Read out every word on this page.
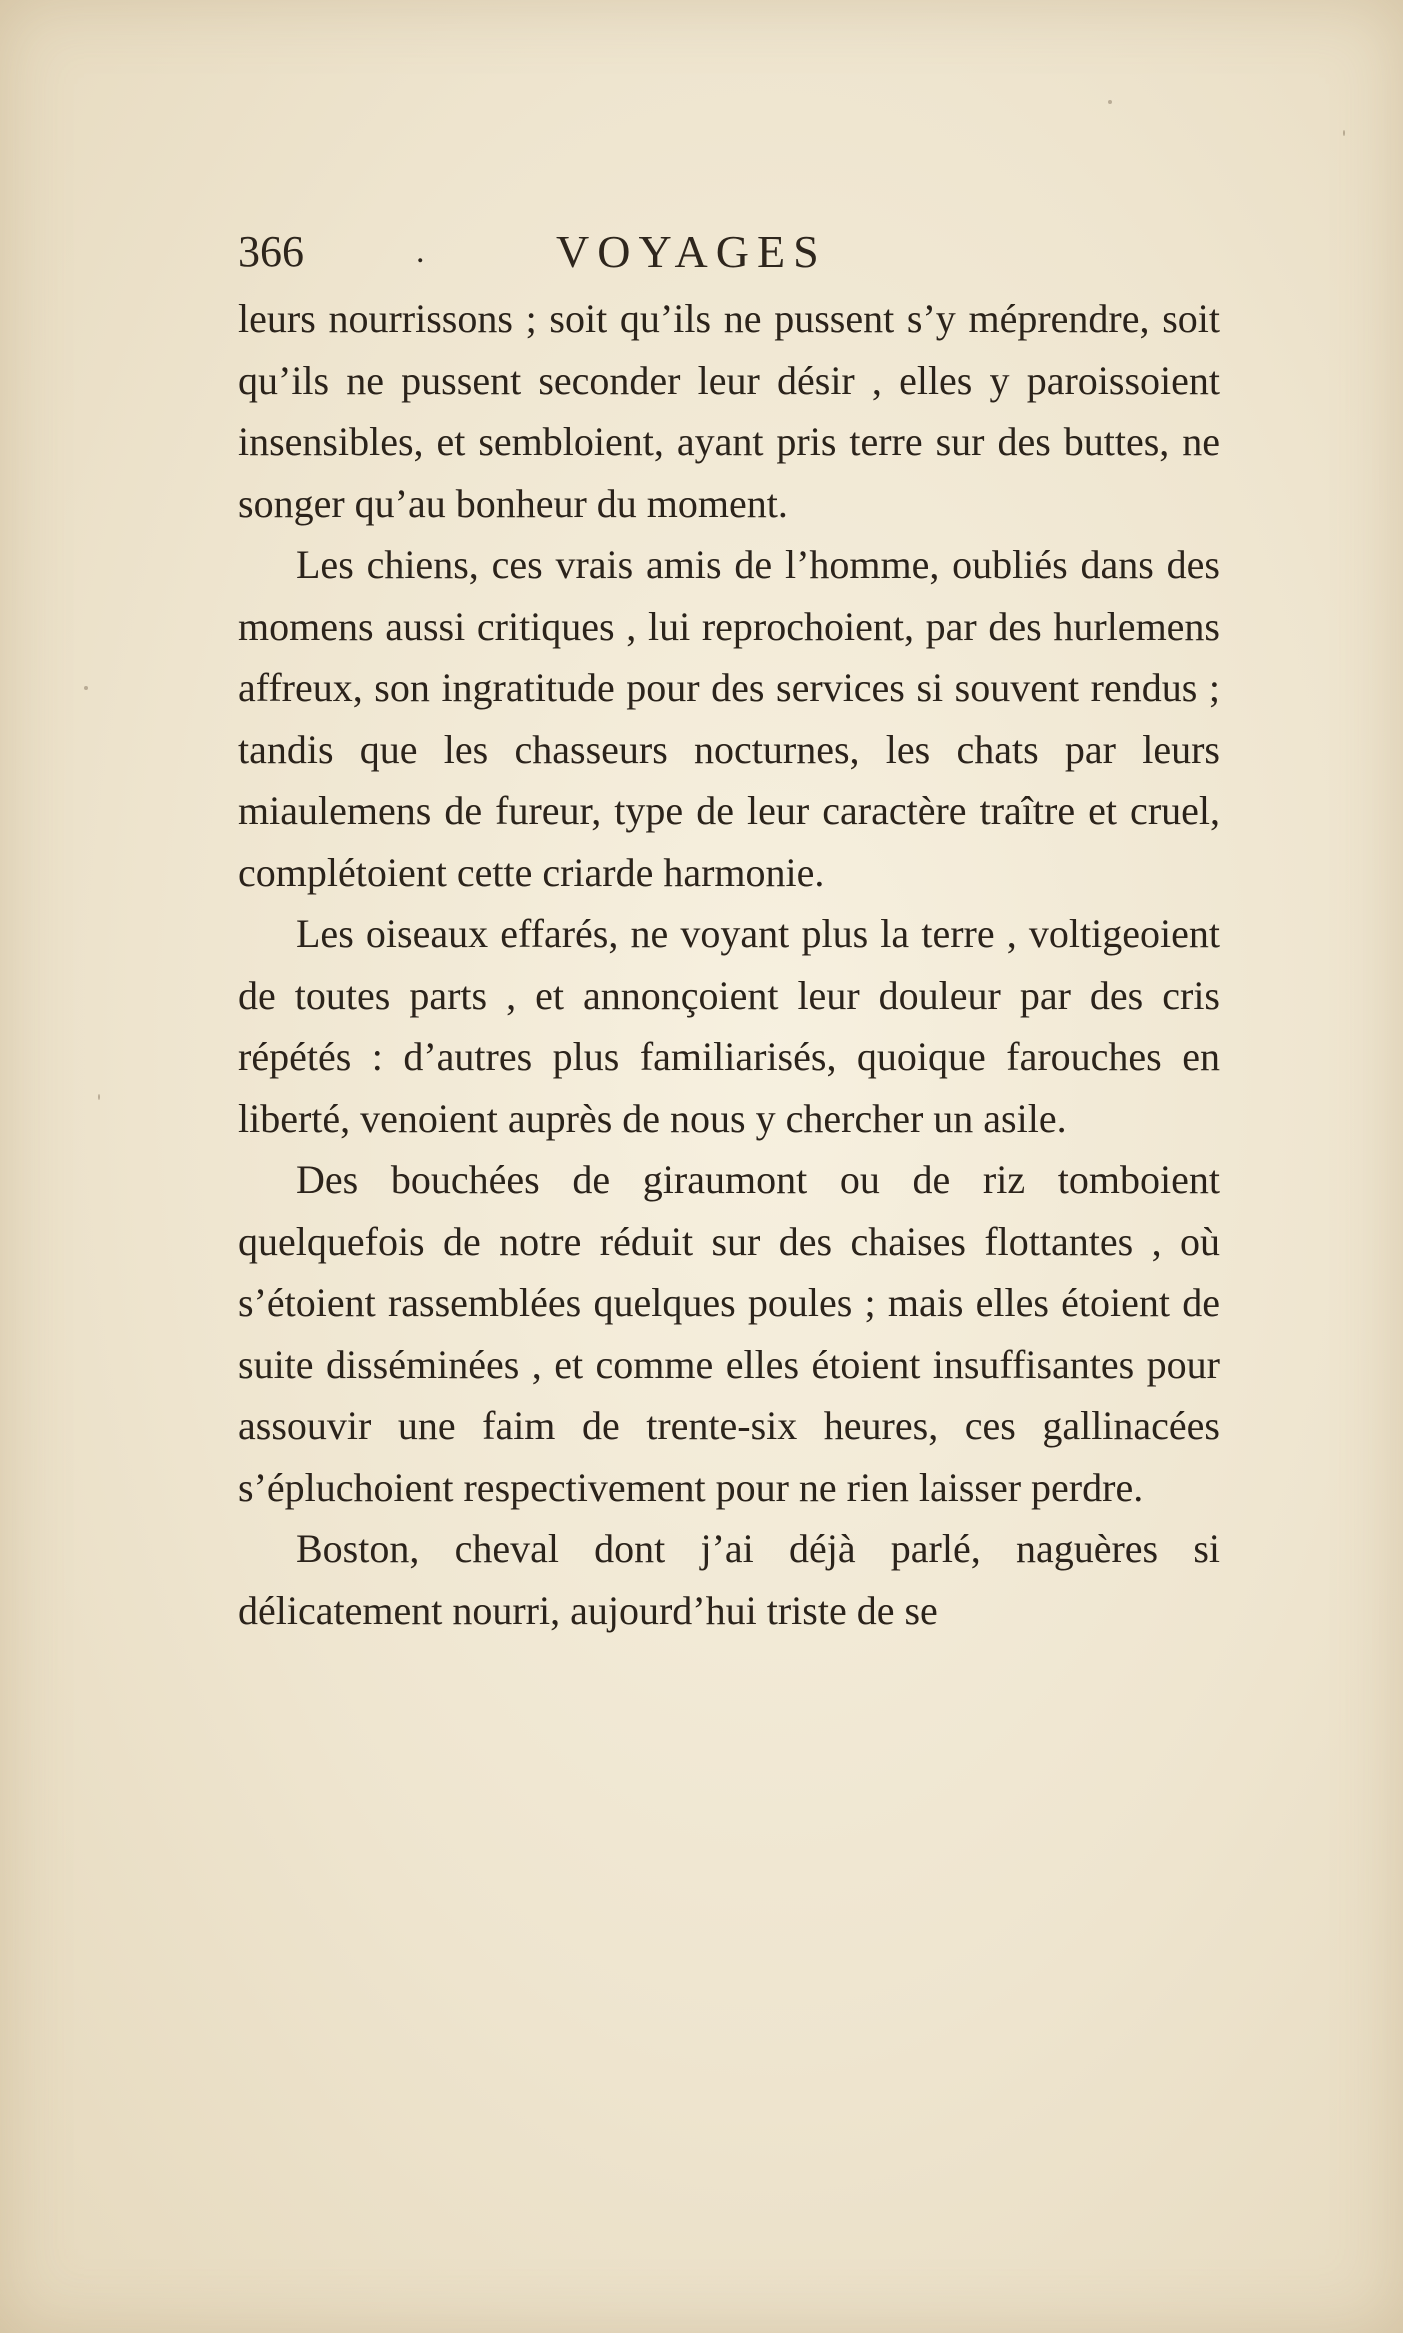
366	.	VOYAGES

leurs nourrissons ; soit qu’ils ne pussent s’y méprendre, soit qu’ils ne pussent seconder leur désir , elles y paroissoient insensibles, et sembloient, ayant pris terre sur des buttes, ne songer qu’au bonheur du moment.

Les chiens, ces vrais amis de l’homme, oubliés dans des momens aussi critiques , lui reprochoient, par des hurlemens affreux, son ingratitude pour des services si souvent rendus ; tandis que les chasseurs nocturnes, les chats par leurs miaulemens de fureur, type de leur caractère traître et cruel, complétoient cette criarde harmonie.

Les oiseaux effarés, ne voyant plus la terre , voltigeoient de toutes parts , et annonçoient leur douleur par des cris répétés : d’autres plus familiarisés, quoique farouches en liberté, venoient auprès de nous y chercher un asile.

Des bouchées de giraumont ou de riz tomboient quelquefois de notre réduit sur des chaises flottantes , où s’étoient rassemblées quelques poules ; mais elles étoient de suite disséminées , et comme elles étoient insuffisantes pour assouvir une faim de trente-six heures, ces gallinacées s’épluchoient respectivement pour ne rien laisser perdre.

Boston, cheval dont j’ai déjà parlé, naguères si délicatement nourri, aujourd’hui triste de se
